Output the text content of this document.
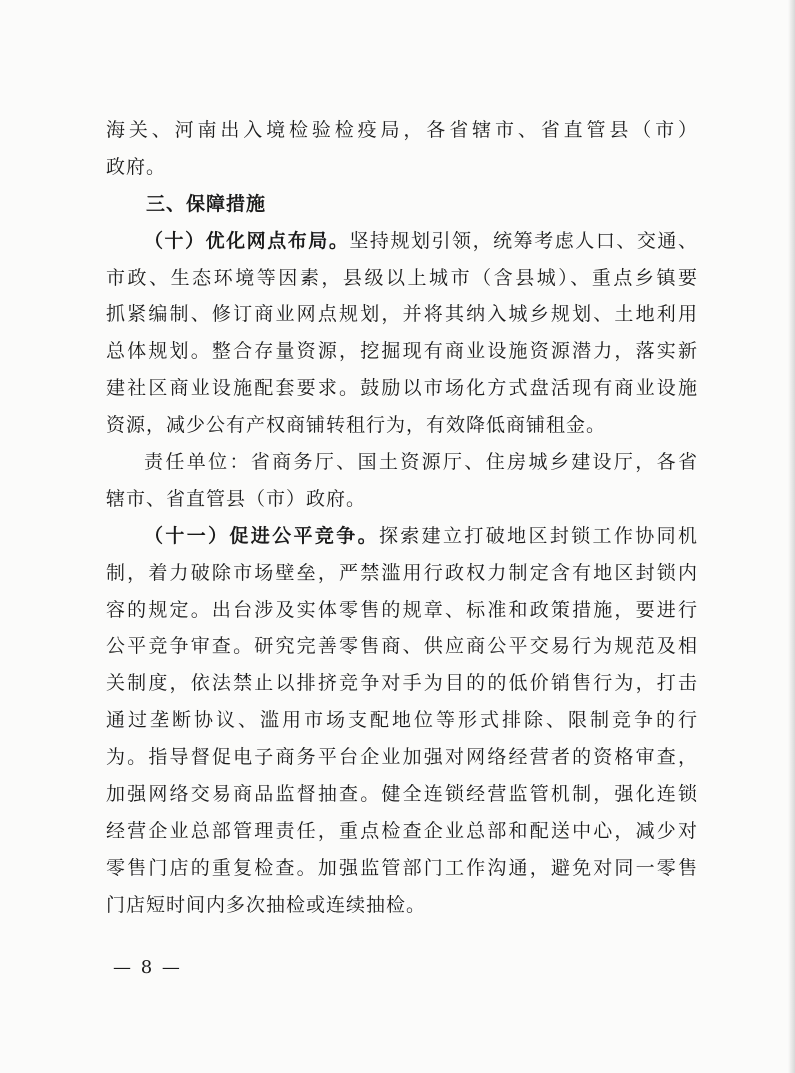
海关、河南出入境检验检疫局，各省辖市、省直管县（市）
政府。
三、保障措施
（十）优化网点布局。坚持规划引领，统筹考虑人口、交通、
市政、生态环境等因素，县级以上城市（含县城）、重点乡镇要
抓紧编制、修订商业网点规划，并将其纳入城乡规划、土地利用
总体规划。整合存量资源，挖掘现有商业设施资源潜力，落实新
建社区商业设施配套要求。鼓励以市场化方式盘活现有商业设施
资源，减少公有产权商铺转租行为，有效降低商铺租金。
责任单位：省商务厅、国土资源厅、住房城乡建设厅，各省
辖市、省直管县（市）政府。
（十一）促进公平竞争。探索建立打破地区封锁工作协同机
制，着力破除市场壁垒，严禁滥用行政权力制定含有地区封锁内
容的规定。出台涉及实体零售的规章、标准和政策措施，要进行
公平竞争审查。研究完善零售商、供应商公平交易行为规范及相
关制度，依法禁止以排挤竞争对手为目的的低价销售行为，打击
通过垄断协议、滥用市场支配地位等形式排除、限制竞争的行
为。指导督促电子商务平台企业加强对网络经营者的资格审查，
加强网络交易商品监督抽查。健全连锁经营监管机制，强化连锁
经营企业总部管理责任，重点检查企业总部和配送中心，减少对
零售门店的重复检查。加强监管部门工作沟通，避免对同一零售
门店短时间内多次抽检或连续抽检。
— 8 —
